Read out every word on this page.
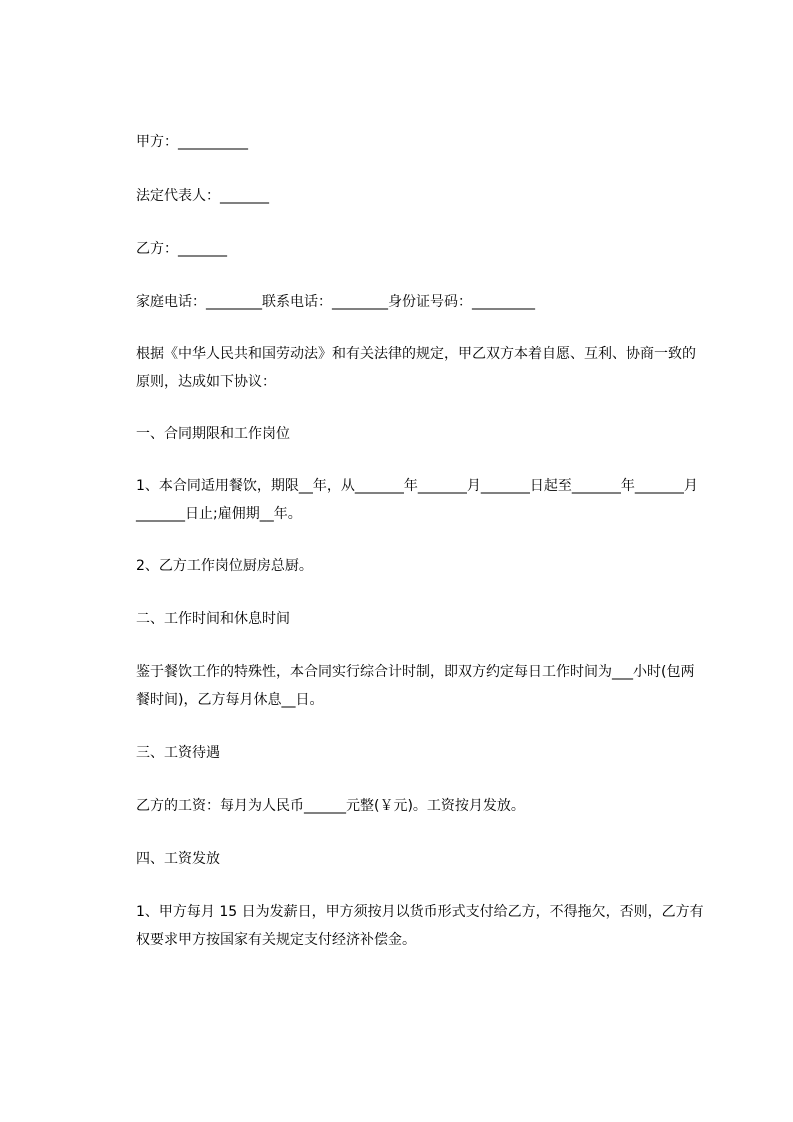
甲方：__________

法定代表人：_______

乙方：_______

家庭电话：________联系电话：________身份证号码：_________

根据《中华人民共和国劳动法》和有关法律的规定，甲乙双方本着自愿、互利、协商一致的原则，达成如下协议：

一、合同期限和工作岗位

1、本合同适用餐饮，期限__年，从_______年_______月_______日起至_______年_______月_______日止;雇佣期__年。

2、乙方工作岗位厨房总厨。

二、工作时间和休息时间

鉴于餐饮工作的特殊性，本合同实行综合计时制，即双方约定每日工作时间为___小时(包两餐时间)，乙方每月休息__日。

三、工资待遇

乙方的工资：每月为人民币______元整(￥元)。工资按月发放。

四、工资发放

1、甲方每月 15 日为发薪日，甲方须按月以货币形式支付给乙方，不得拖欠，否则，乙方有权要求甲方按国家有关规定支付经济补偿金。
